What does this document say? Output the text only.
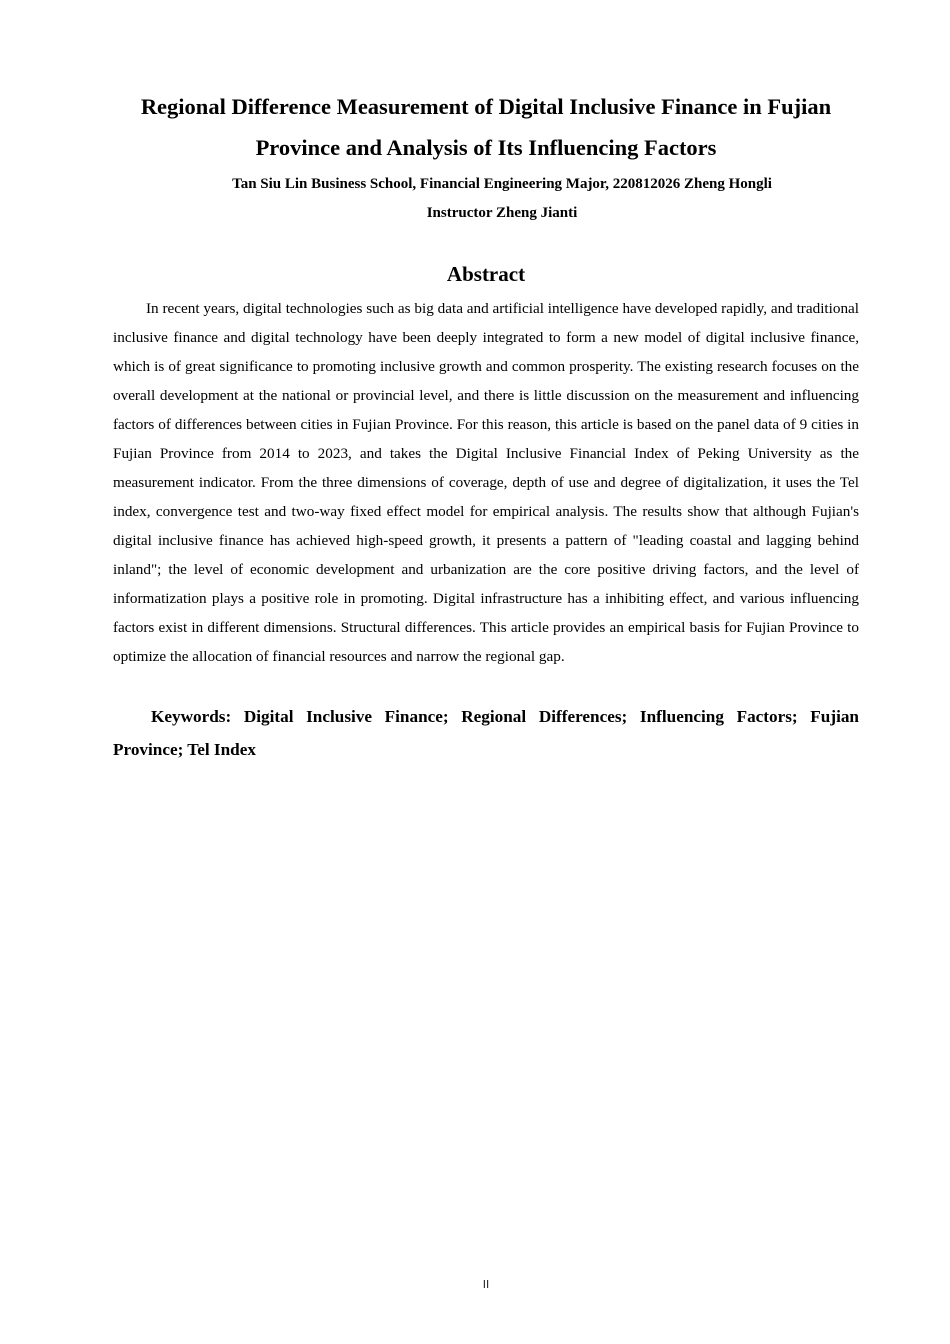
Regional Difference Measurement of Digital Inclusive Finance in Fujian Province and Analysis of Its Influencing Factors

Tan Siu Lin Business School, Financial Engineering Major, 220812026 Zheng Hongli

Instructor Zheng Jianti

Abstract

In recent years, digital technologies such as big data and artificial intelligence have developed rapidly, and traditional inclusive finance and digital technology have been deeply integrated to form a new model of digital inclusive finance, which is of great significance to promoting inclusive growth and common prosperity. The existing research focuses on the overall development at the national or provincial level, and there is little discussion on the measurement and influencing factors of differences between cities in Fujian Province. For this reason, this article is based on the panel data of 9 cities in Fujian Province from 2014 to 2023, and takes the Digital Inclusive Financial Index of Peking University as the measurement indicator. From the three dimensions of coverage, depth of use and degree of digitalization, it uses the Tel index, convergence test and two-way fixed effect model for empirical analysis. The results show that although Fujian's digital inclusive finance has achieved high-speed growth, it presents a pattern of "leading coastal and lagging behind inland"; the level of economic development and urbanization are the core positive driving factors, and the level of informatization plays a positive role in promoting. Digital infrastructure has a inhibiting effect, and various influencing factors exist in different dimensions. Structural differences. This article provides an empirical basis for Fujian Province to optimize the allocation of financial resources and narrow the regional gap.

Keywords: Digital Inclusive Finance; Regional Differences; Influencing Factors; Fujian Province; Tel Index

II
